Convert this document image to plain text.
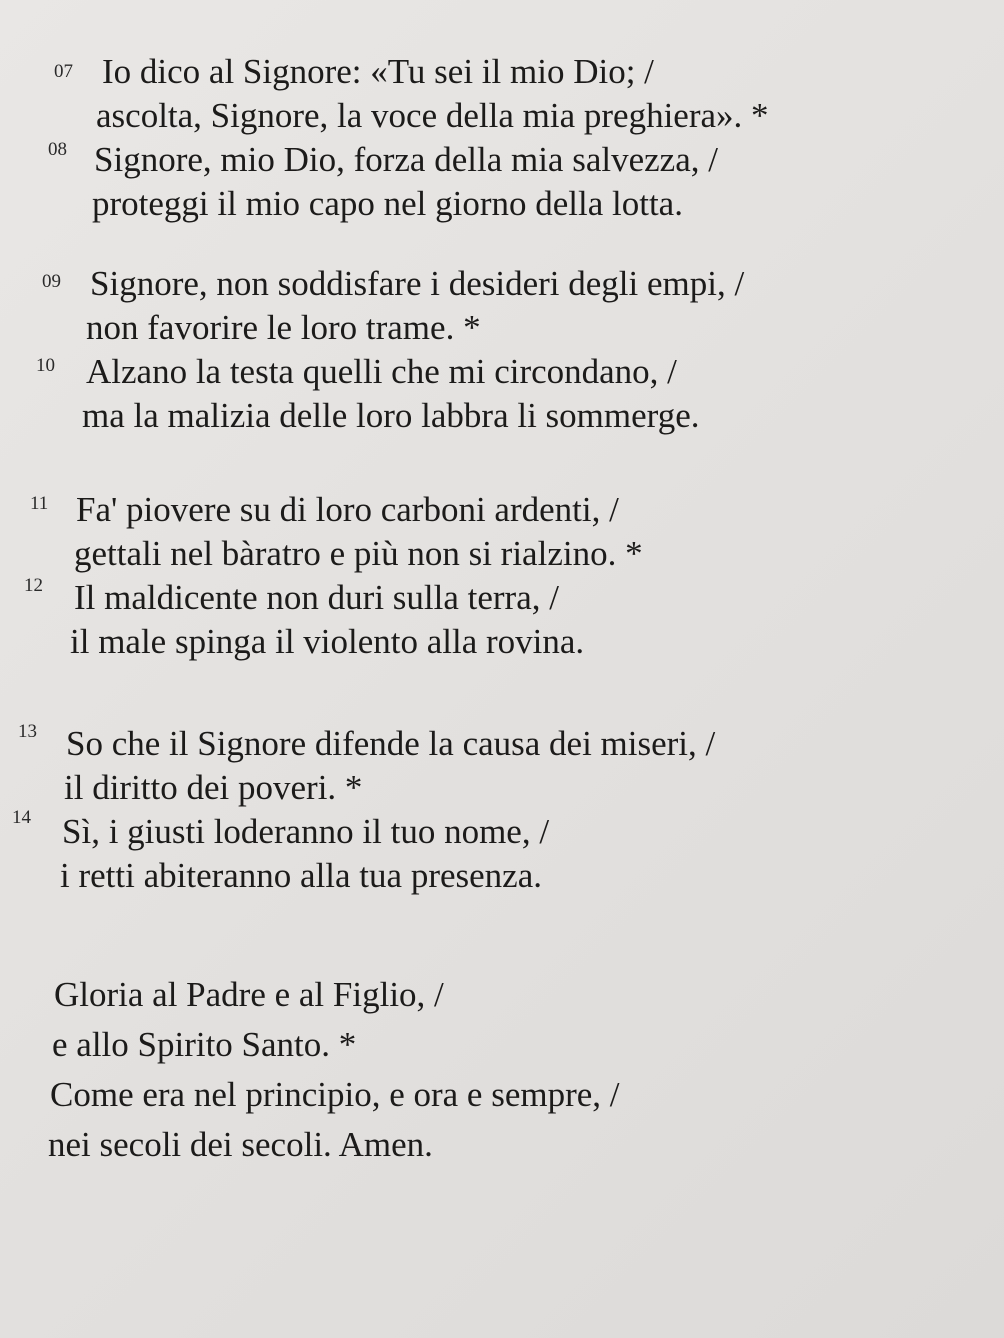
07 Io dico al Signore: «Tu sei il mio Dio; /
ascolta, Signore, la voce della mia preghiera». *
08 Signore, mio Dio, forza della mia salvezza, /
proteggi il mio capo nel giorno della lotta.
09 Signore, non soddisfare i desideri degli empi, /
non favorire le loro trame. *
10 Alzano la testa quelli che mi circondano, /
ma la malizia delle loro labbra li sommerge.
11 Fa' piovere su di loro carboni ardenti, /
gettali nel bàratro e più non si rialzino. *
12 Il maldicente non duri sulla terra, /
il male spinga il violento alla rovina.
13 So che il Signore difende la causa dei miseri, /
il diritto dei poveri. *
14 Sì, i giusti loderanno il tuo nome, /
i retti abiteranno alla tua presenza.
Gloria al Padre e al Figlio, /
e allo Spirito Santo. *
Come era nel principio, e ora e sempre, /
nei secoli dei secoli. Amen.
